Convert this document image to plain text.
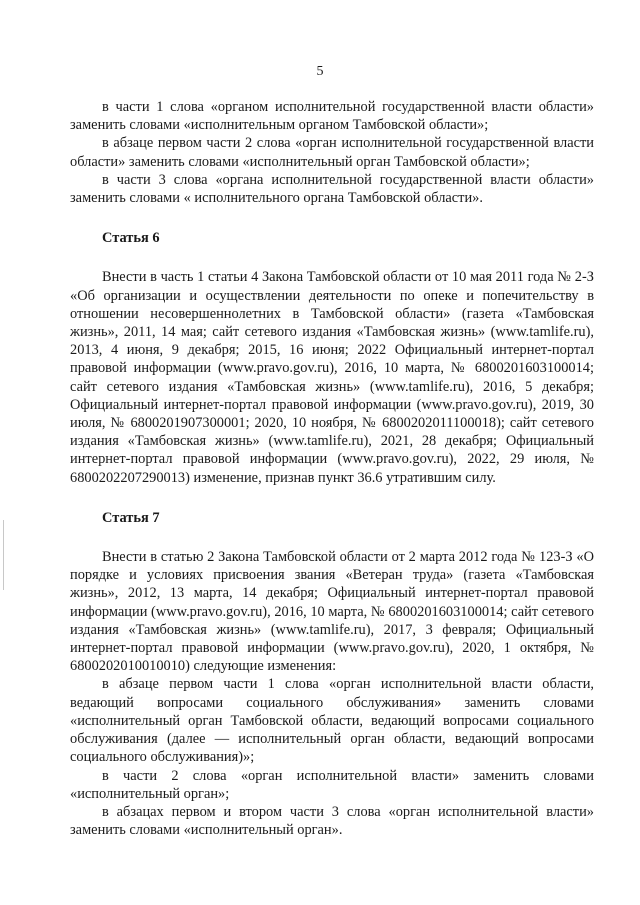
5

в части 1 слова «органом исполнительной государственной власти области» заменить словами «исполнительным органом Тамбовской области»;

в абзаце первом части 2 слова «орган исполнительной государственной власти области» заменить словами «исполнительный орган Тамбовской области»;

в части 3 слова «органа исполнительной государственной власти области» заменить словами « исполнительного органа Тамбовской области».

Статья 6

Внести в часть 1 статьи 4 Закона Тамбовской области от 10 мая 2011 года № 2-З «Об организации и осуществлении деятельности по опеке и попечительству в отношении несовершеннолетних в Тамбовской области» (газета «Тамбовская жизнь», 2011, 14 мая; сайт сетевого издания «Тамбовская жизнь» (www.tamlife.ru), 2013, 4 июня, 9 декабря; 2015, 16 июня; 2022 Официальный интернет-портал правовой информации (www.pravo.gov.ru), 2016, 10 марта, № 6800201603100014; сайт сетевого издания «Тамбовская жизнь» (www.tamlife.ru), 2016, 5 декабря; Официальный интернет-портал правовой информации (www.pravo.gov.ru), 2019, 30 июля, № 6800201907300001; 2020, 10 ноября, № 6800202011100018); сайт сетевого издания «Тамбовская жизнь» (www.tamlife.ru), 2021, 28 декабря; Официальный интернет-портал правовой информации (www.pravo.gov.ru), 2022, 29 июля, № 6800202207290013) изменение, признав пункт 36.6 утратившим силу.

Статья 7

Внести в статью 2 Закона Тамбовской области от 2 марта 2012 года № 123-З «О порядке и условиях присвоения звания «Ветеран труда» (газета «Тамбовская жизнь», 2012, 13 марта, 14 декабря; Официальный интернет-портал правовой информации (www.pravo.gov.ru), 2016, 10 марта, № 6800201603100014; сайт сетевого издания «Тамбовская жизнь» (www.tamlife.ru), 2017, 3 февраля; Официальный интернет-портал правовой информации (www.pravo.gov.ru), 2020, 1 октября, № 6800202010010010) следующие изменения:

в абзаце первом части 1 слова «орган исполнительной власти области, ведающий вопросами социального обслуживания» заменить словами «исполнительный орган Тамбовской области, ведающий вопросами социального обслуживания (далее — исполнительный орган области, ведающий вопросами социального обслуживания)»;

в части 2 слова «орган исполнительной власти» заменить словами «исполнительный орган»;

в абзацах первом и втором части 3 слова «орган исполнительной власти» заменить словами «исполнительный орган».
